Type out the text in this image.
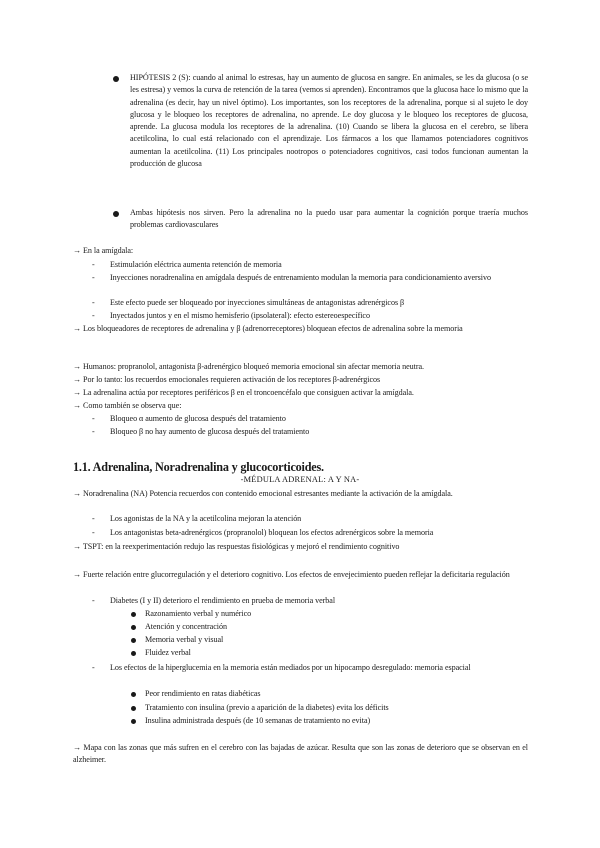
HIPÓTESIS 2 (S): cuando al animal lo estresas, hay un aumento de glucosa en sangre. En animales, se les da glucosa (o se les estresa) y vemos la curva de retención de la tarea (vemos si aprenden). Encontramos que la glucosa hace lo mismo que la adrenalina (es decir, hay un nivel óptimo). Los importantes, son los receptores de la adrenalina, porque si al sujeto le doy glucosa y le bloqueo los receptores de adrenalina, no aprende. Le doy glucosa y le bloqueo los receptores de glucosa, aprende. La glucosa modula los receptores de la adrenalina. (10) Cuando se libera la glucosa en el cerebro, se libera acetilcolina, lo cual está relacionado con el aprendizaje. Los fármacos a los que llamamos potenciadores cognitivos aumentan la acetilcolina. (11) Los principales nootropos o potenciadores cognitivos, casi todos funcionan aumentan la producción de glucosa
Ambas hipótesis nos sirven. Pero la adrenalina no la puedo usar para aumentar la cognición porque traería muchos problemas cardiovasculares
→ En la amígdala:
- Estimulación eléctrica aumenta retención de memoria
- Inyecciones noradrenalina en amígdala después de entrenamiento modulan la memoria para condicionamiento aversivo
- Este efecto puede ser bloqueado por inyecciones simultáneas de antagonistas adrenérgicos β
- Inyectados juntos y en el mismo hemisferio (ipsolateral): efecto estereoespecífico
→ Los bloqueadores de receptores de adrenalina y β (adrenorreceptores) bloquean efectos de adrenalina sobre la memoria
→ Humanos: propranolol, antagonista β-adrenérgico bloqueó memoria emocional sin afectar memoria neutra.
→ Por lo tanto: los recuerdos emocionales requieren activación de los receptores β-adrenérgicos
→ La adrenalina actúa por receptores periféricos β en el troncoencéfalo que consiguen activar la amígdala.
→ Como también se observa que:
- Bloqueo α aumento de glucosa después del tratamiento
- Bloqueo β no hay aumento de glucosa después del tratamiento
1.1. Adrenalina, Noradrenalina y glucocorticoides.
-MÉDULA ADRENAL: A Y NA-
→ Noradrenalina (NA) Potencia recuerdos con contenido emocional estresantes mediante la activación de la amígdala.
- Los agonistas de la NA y la acetilcolina mejoran la atención
- Los antagonistas beta-adrenérgicos (propranolol) bloquean los efectos adrenérgicos sobre la memoria
→ TSPT: en la reexperimentación redujo las respuestas fisiológicas y mejoró el rendimiento cognitivo
→ Fuerte relación entre glucorregulación y el deterioro cognitivo. Los efectos de envejecimiento pueden reflejar la deficitaria regulación
- Diabetes (I y II) deterioro el rendimiento en prueba de memoria verbal
Razonamiento verbal y numérico
Atención y concentración
Memoria verbal y visual
Fluidez verbal
- Los efectos de la hiperglucemia en la memoria están mediados por un hipocampo desregulado: memoria espacial
Peor rendimiento en ratas diabéticas
Tratamiento con insulina (previo a aparición de la diabetes) evita los déficits
Insulina administrada después (de 10 semanas de tratamiento no evita)
→ Mapa con las zonas que más sufren en el cerebro con las bajadas de azúcar. Resulta que son las zonas de deterioro que se observan en el alzheimer.
